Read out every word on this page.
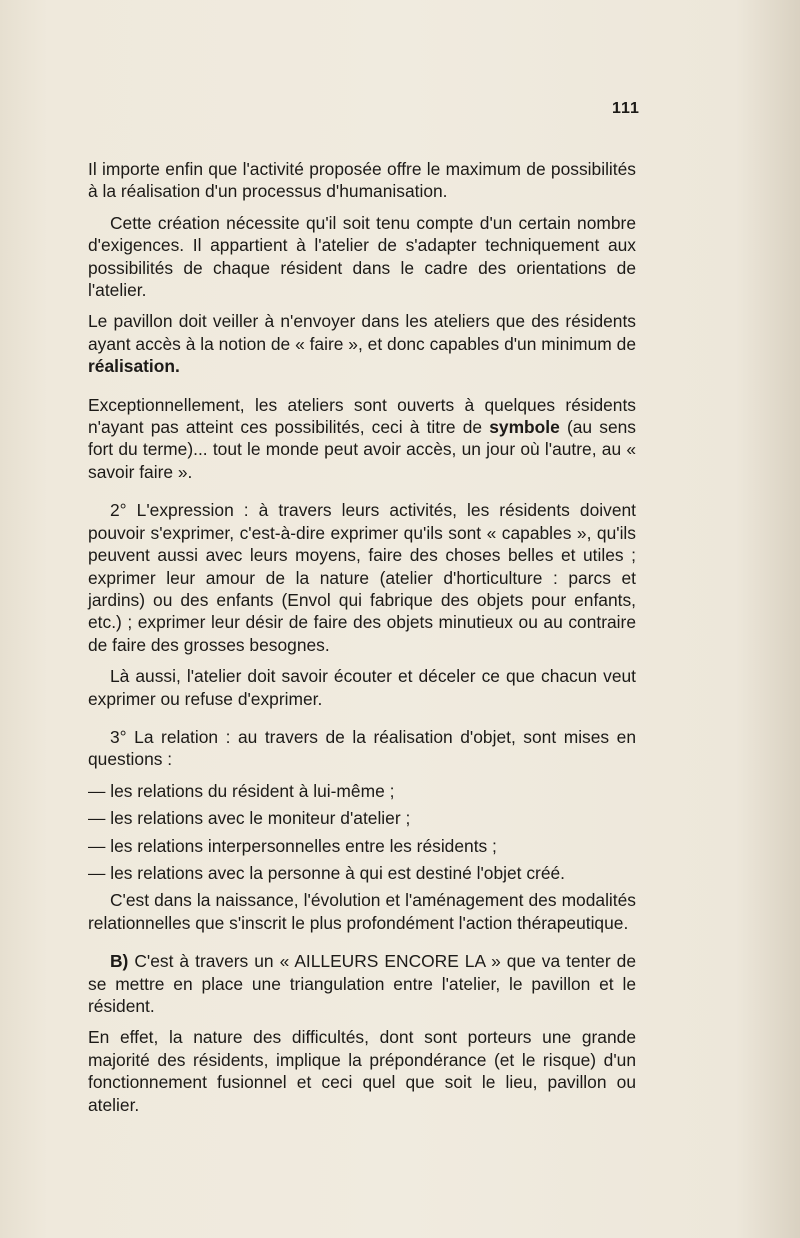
111

Il importe enfin que l'activité proposée offre le maximum de possibilités à la réalisation d'un processus d'humanisation.

Cette création nécessite qu'il soit tenu compte d'un certain nombre d'exigences. Il appartient à l'atelier de s'adapter techniquement aux possibilités de chaque résident dans le cadre des orientations de l'atelier.

Le pavillon doit veiller à n'envoyer dans les ateliers que des résidents ayant accès à la notion de « faire », et donc capables d'un minimum de réalisation.

Exceptionnellement, les ateliers sont ouverts à quelques résidents n'ayant pas atteint ces possibilités, ceci à titre de symbole (au sens fort du terme)... tout le monde peut avoir accès, un jour où l'autre, au « savoir faire ».

2° L'expression : à travers leurs activités, les résidents doivent pouvoir s'exprimer, c'est-à-dire exprimer qu'ils sont « capables », qu'ils peuvent aussi avec leurs moyens, faire des choses belles et utiles ; exprimer leur amour de la nature (atelier d'horticulture : parcs et jardins) ou des enfants (Envol qui fabrique des objets pour enfants, etc.) ; exprimer leur désir de faire des objets minutieux ou au contraire de faire des grosses besognes.

Là aussi, l'atelier doit savoir écouter et déceler ce que chacun veut exprimer ou refuse d'exprimer.

3° La relation : au travers de la réalisation d'objet, sont mises en questions :

— les relations du résident à lui-même ;

— les relations avec le moniteur d'atelier ;

— les relations interpersonnelles entre les résidents ;

— les relations avec la personne à qui est destiné l'objet créé.

C'est dans la naissance, l'évolution et l'aménagement des modalités relationnelles que s'inscrit le plus profondément l'action thérapeutique.

B) C'est à travers un « AILLEURS ENCORE LA » que va tenter de se mettre en place une triangulation entre l'atelier, le pavillon et le résident.

En effet, la nature des difficultés, dont sont porteurs une grande majorité des résidents, implique la prépondérance (et le risque) d'un fonctionnement fusionnel et ceci quel que soit le lieu, pavillon ou atelier.
